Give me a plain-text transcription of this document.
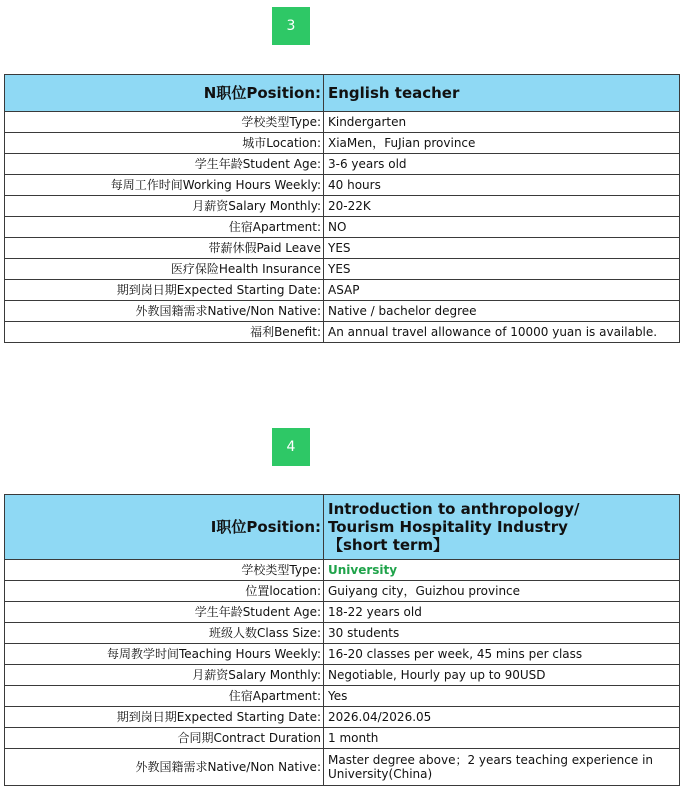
3
N职位Position:	English teacher
学校类型Type:	Kindergarten
城市Location:	XiaMen，FuJian province
学生年龄Student Age:	3-6 years old
每周工作时间Working Hours Weekly:	40 hours
月薪资Salary Monthly:	20-22K
住宿Apartment:	NO
带薪休假Paid Leave	YES
医疗保险Health Insurance	YES
期到岗日期Expected Starting Date:	ASAP
外教国籍需求Native/Non Native:	Native / bachelor degree
福利Benefit:	An annual travel allowance of 10000 yuan is available.
4
I职位Position:	Introduction to anthropology/
Tourism Hospitality Industry
【short term】

学校类型Type:	University
位置location:	Guiyang city，Guizhou province
学生年龄Student Age:	18-22 years old
班级人数Class Size:	30 students
每周教学时间Teaching Hours Weekly:	16-20 classes per week, 45 mins per class
月薪资Salary Monthly:	Negotiable, Hourly pay up to 90USD
住宿Apartment:	Yes
期到岗日期Expected Starting Date:	2026.04/2026.05
合同期Contract Duration	1 month
外教国籍需求Native/Non Native:	Master degree above；2 years teaching experience in
University(China)
